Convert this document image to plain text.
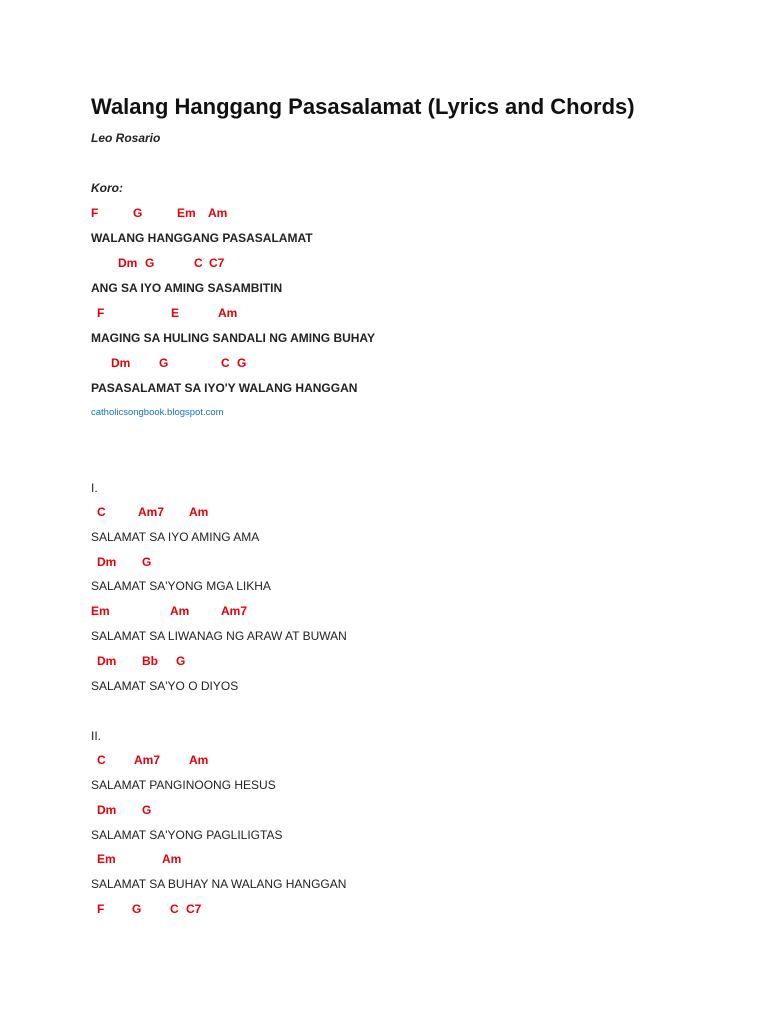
Walang Hanggang Pasasalamat (Lyrics and Chords)
Leo Rosario
Koro:

F

	G

	Em

Am

WALANG HANGGANG PASASALAMAT

Dm

G

	C

C7

ANG SA IYO AMING SASAMBITIN

F

	E

	Am

MAGING SA HULING SANDALI NG AMING BUHAY

Dm

G

	C

G

PASASALAMAT SA IYO'Y WALANG HANGGAN
catholicsongbook.blogspot.com
I.

C

	Am7

Am

SALAMAT SA IYO AMING AMA

Dm

G

SALAMAT SA'YONG MGA LIKHA

Em

	Am

	Am7

SALAMAT SA LIWANAG NG ARAW AT BUWAN

Dm

Bb

G

SALAMAT SA'YO O DIYOS
II.

C

Am7

Am

SALAMAT PANGINOONG HESUS

Dm

G

SALAMAT SA'YONG PAGLILIGTAS

Em

	Am

SALAMAT SA BUHAY NA WALANG HANGGAN

F

G

C

C7
